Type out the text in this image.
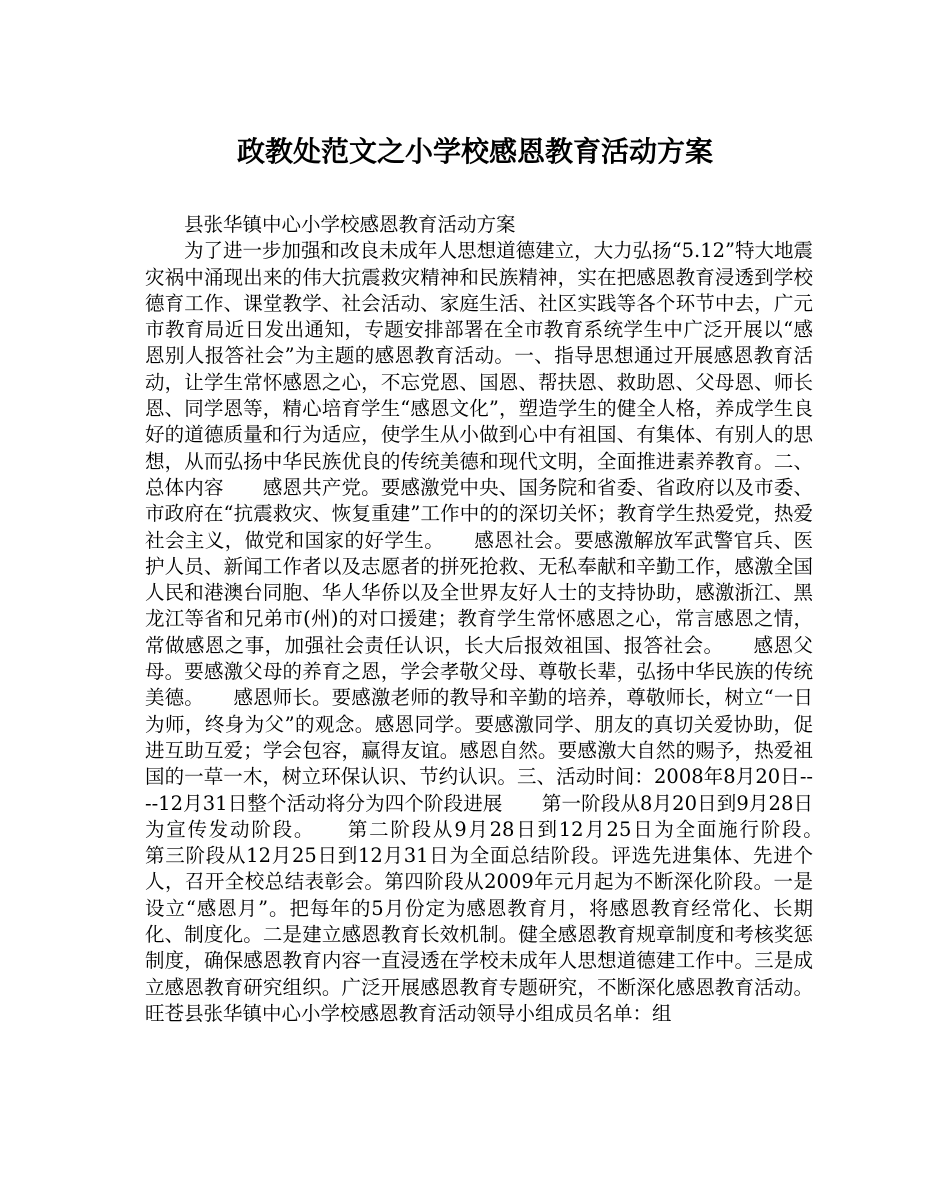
政教处范文之小学校感恩教育活动方案

县张华镇中心小学校感恩教育活动方案

为了进一步加强和改良未成年人思想道德建立，大力弘扬“5.12”特大地震灾祸中涌现出来的伟大抗震救灾精神和民族精神，实在把感恩教育浸透到学校德育工作、课堂教学、社会活动、家庭生活、社区实践等各个环节中去，广元市教育局近日发出通知，专题安排部署在全市教育系统学生中广泛开展以“感恩别人报答社会”为主题的感恩教育活动。一、指导思想通过开展感恩教育活动，让学生常怀感恩之心，不忘党恩、国恩、帮扶恩、救助恩、父母恩、师长恩、同学恩等，精心培育学生“感恩文化”，塑造学生的健全人格，养成学生良好的道德质量和行为适应，使学生从小做到心中有祖国、有集体、有别人的思想，从而弘扬中华民族优良的传统美德和现代文明，全面推进素养教育。二、总体内容　　感恩共产党。要感激党中央、国务院和省委、省政府以及市委、市政府在“抗震救灾、恢复重建”工作中的的深切关怀；教育学生热爱党，热爱社会主义，做党和国家的好学生。　　感恩社会。要感激解放军武警官兵、医护人员、新闻工作者以及志愿者的拼死抢救、无私奉献和辛勤工作，感激全国人民和港澳台同胞、华人华侨以及全世界友好人士的支持协助，感激浙江、黑龙江等省和兄弟市(州)的对口援建；教育学生常怀感恩之心，常言感恩之情，常做感恩之事，加强社会责任认识，长大后报效祖国、报答社会。　　感恩父母。要感激父母的养育之恩，学会孝敬父母、尊敬长辈，弘扬中华民族的传统美德。　　感恩师长。要感激老师的教导和辛勤的培养，尊敬师长，树立“一日为师，终身为父”的观念。感恩同学。要感激同学、朋友的真切关爱协助，促进互助互爱；学会包容，赢得友谊。感恩自然。要感激大自然的赐予，热爱祖国的一草一木，树立环保认识、节约认识。三、活动时间：2008年8月20日----12月31日整个活动将分为四个阶段进展　　第一阶段从8月20日到9月28日为宣传发动阶段。　　第二阶段从9月28日到12月25日为全面施行阶段。　　第三阶段从12月25日到12月31日为全面总结阶段。评选先进集体、先进个人，召开全校总结表彰会。第四阶段从2009年元月起为不断深化阶段。一是设立“感恩月”。把每年的5月份定为感恩教育月，将感恩教育经常化、长期化、制度化。二是建立感恩教育长效机制。健全感恩教育规章制度和考核奖惩制度，确保感恩教育内容一直浸透在学校未成年人思想道德建工作中。三是成立感恩教育研究组织。广泛开展感恩教育专题研究，不断深化感恩教育活动。旺苍县张华镇中心小学校感恩教育活动领导小组成员名单：组
